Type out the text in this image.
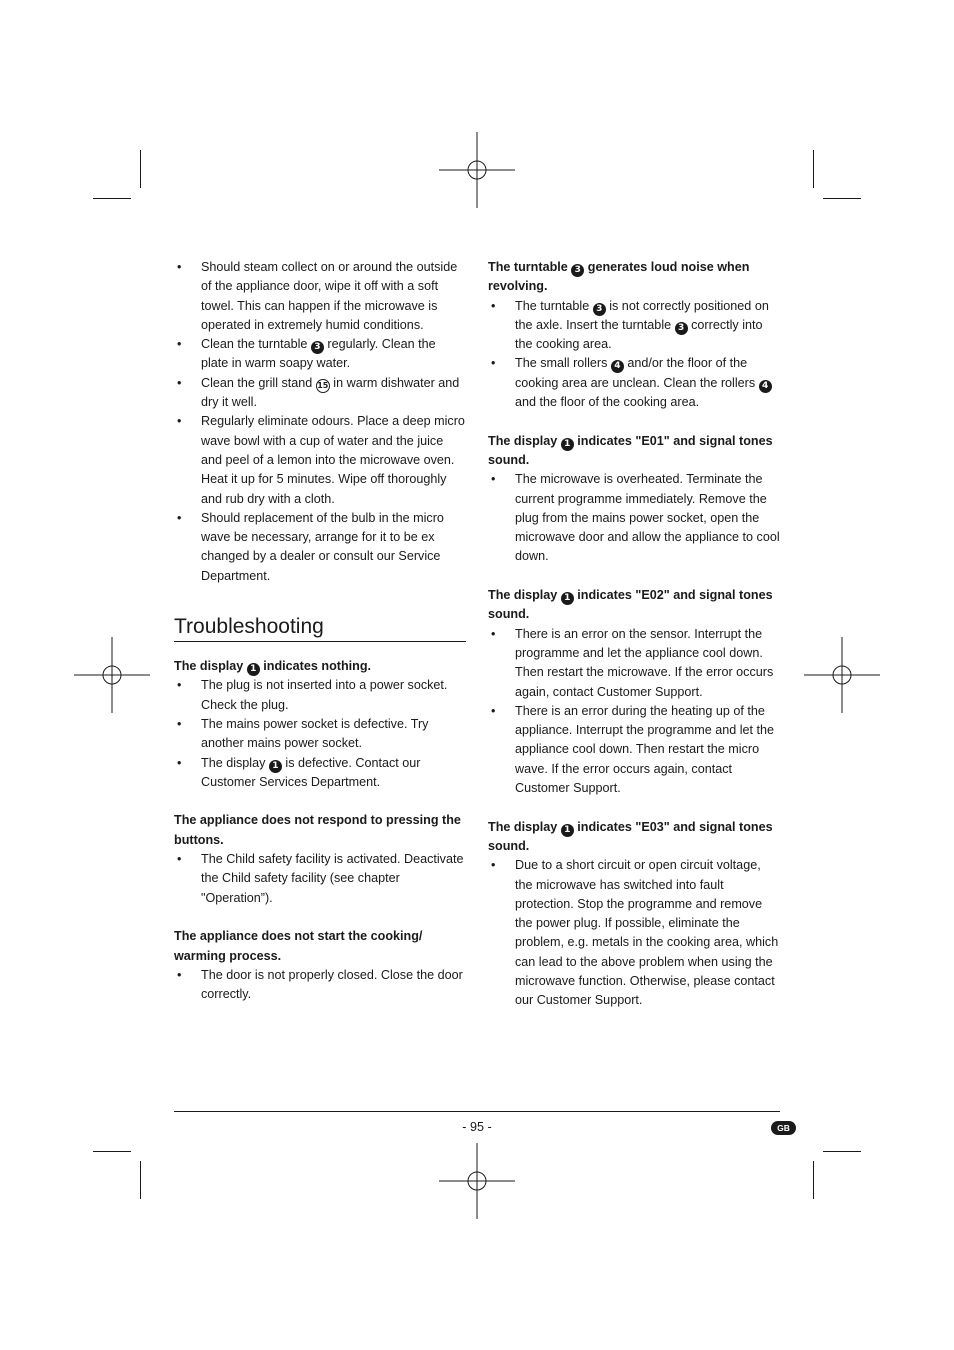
• Should steam collect on or around the outside of the appliance door, wipe it off with a soft towel. This can happen if the microwave is operated in extremely humid conditions.
• Clean the turntable 3 regularly. Clean the plate in warm soapy water.
• Clean the grill stand 15 in warm dishwater and dry it well.
• Regularly eliminate odours. Place a deep micro wave bowl with a cup of water and the juice and peel of a lemon into the microwave oven. Heat it up for 5 minutes. Wipe off thoroughly and rub dry with a cloth.
• Should replacement of the bulb in the micro wave be necessary, arrange for it to be ex changed by a dealer or consult our Service Department.
Troubleshooting

The display 1 indicates nothing.

• The plug is not inserted into a power socket. Check the plug.
• The mains power socket is defective. Try another mains power socket.
• The display 1 is defective. Contact our Customer Services Department.

The appliance does not respond to pressing the buttons.

• The Child safety facility is activated. Deactivate the Child safety facility (see chapter "Operation”).

The appliance does not start the cooking/ warming process.

• The door is not properly closed. Close the door correctly.

The turntable 3 generates loud noise when revolving.

• The turntable 3 is not correctly positioned on the axle. Insert the turntable 3 correctly into the cooking area.
• The small rollers 4 and/or the floor of the cooking area are unclean. Clean the rollers 4 and the floor of the cooking area.

The display 1 indicates "E01" and signal tones sound.

• The microwave is overheated. Terminate the current programme immediately. Remove the plug from the mains power socket, open the microwave door and allow the appliance to cool down.

The display 1 indicates "E02" and signal tones sound.

• There is an error on the sensor. Interrupt the programme and let the appliance cool down. Then restart the microwave. If the error occurs again, contact Customer Support.
• There is an error during the heating up of the appliance. Interrupt the programme and let the appliance cool down. Then restart the micro wave. If the error occurs again, contact Customer Support.

The display 1 indicates "E03" and signal tones sound.

• Due to a short circuit or open circuit voltage, the microwave has switched into fault protection. Stop the programme and remove the power plug. If possible, eliminate the problem, e.g. metals in the cooking area, which can lead to the above problem when using the microwave function. Otherwise, please contact our Customer Support.
- 95 -	GB
